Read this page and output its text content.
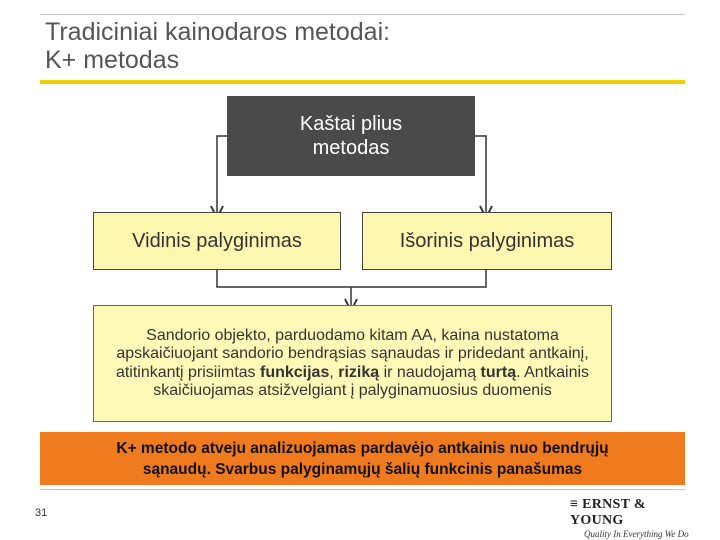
Tradiciniai kainodaros metodai:
K+ metodas
Kaštai plius
metodas
Vidinis palyginimas	Išorinis palyginimas
Sandorio objekto, parduodamo kitam AA, kaina nustatoma apskaičiuojant sandorio bendrąsias sąnaudas ir pridedant antkainį, atitinkantį prisiimtas funkcijas, riziką ir naudojamą turtą. Antkainis skaičiuojamas atsižvelgiant į palyginamuosius duomenis
K+ metodo atveju analizuojamas pardavėjo antkainis nuo bendrųjų
sąnaudų. Svarbus palyginamųjų šalių funkcinis panašumas
31
≡ ERNST & YOUNG
Quality In Everything We Do
